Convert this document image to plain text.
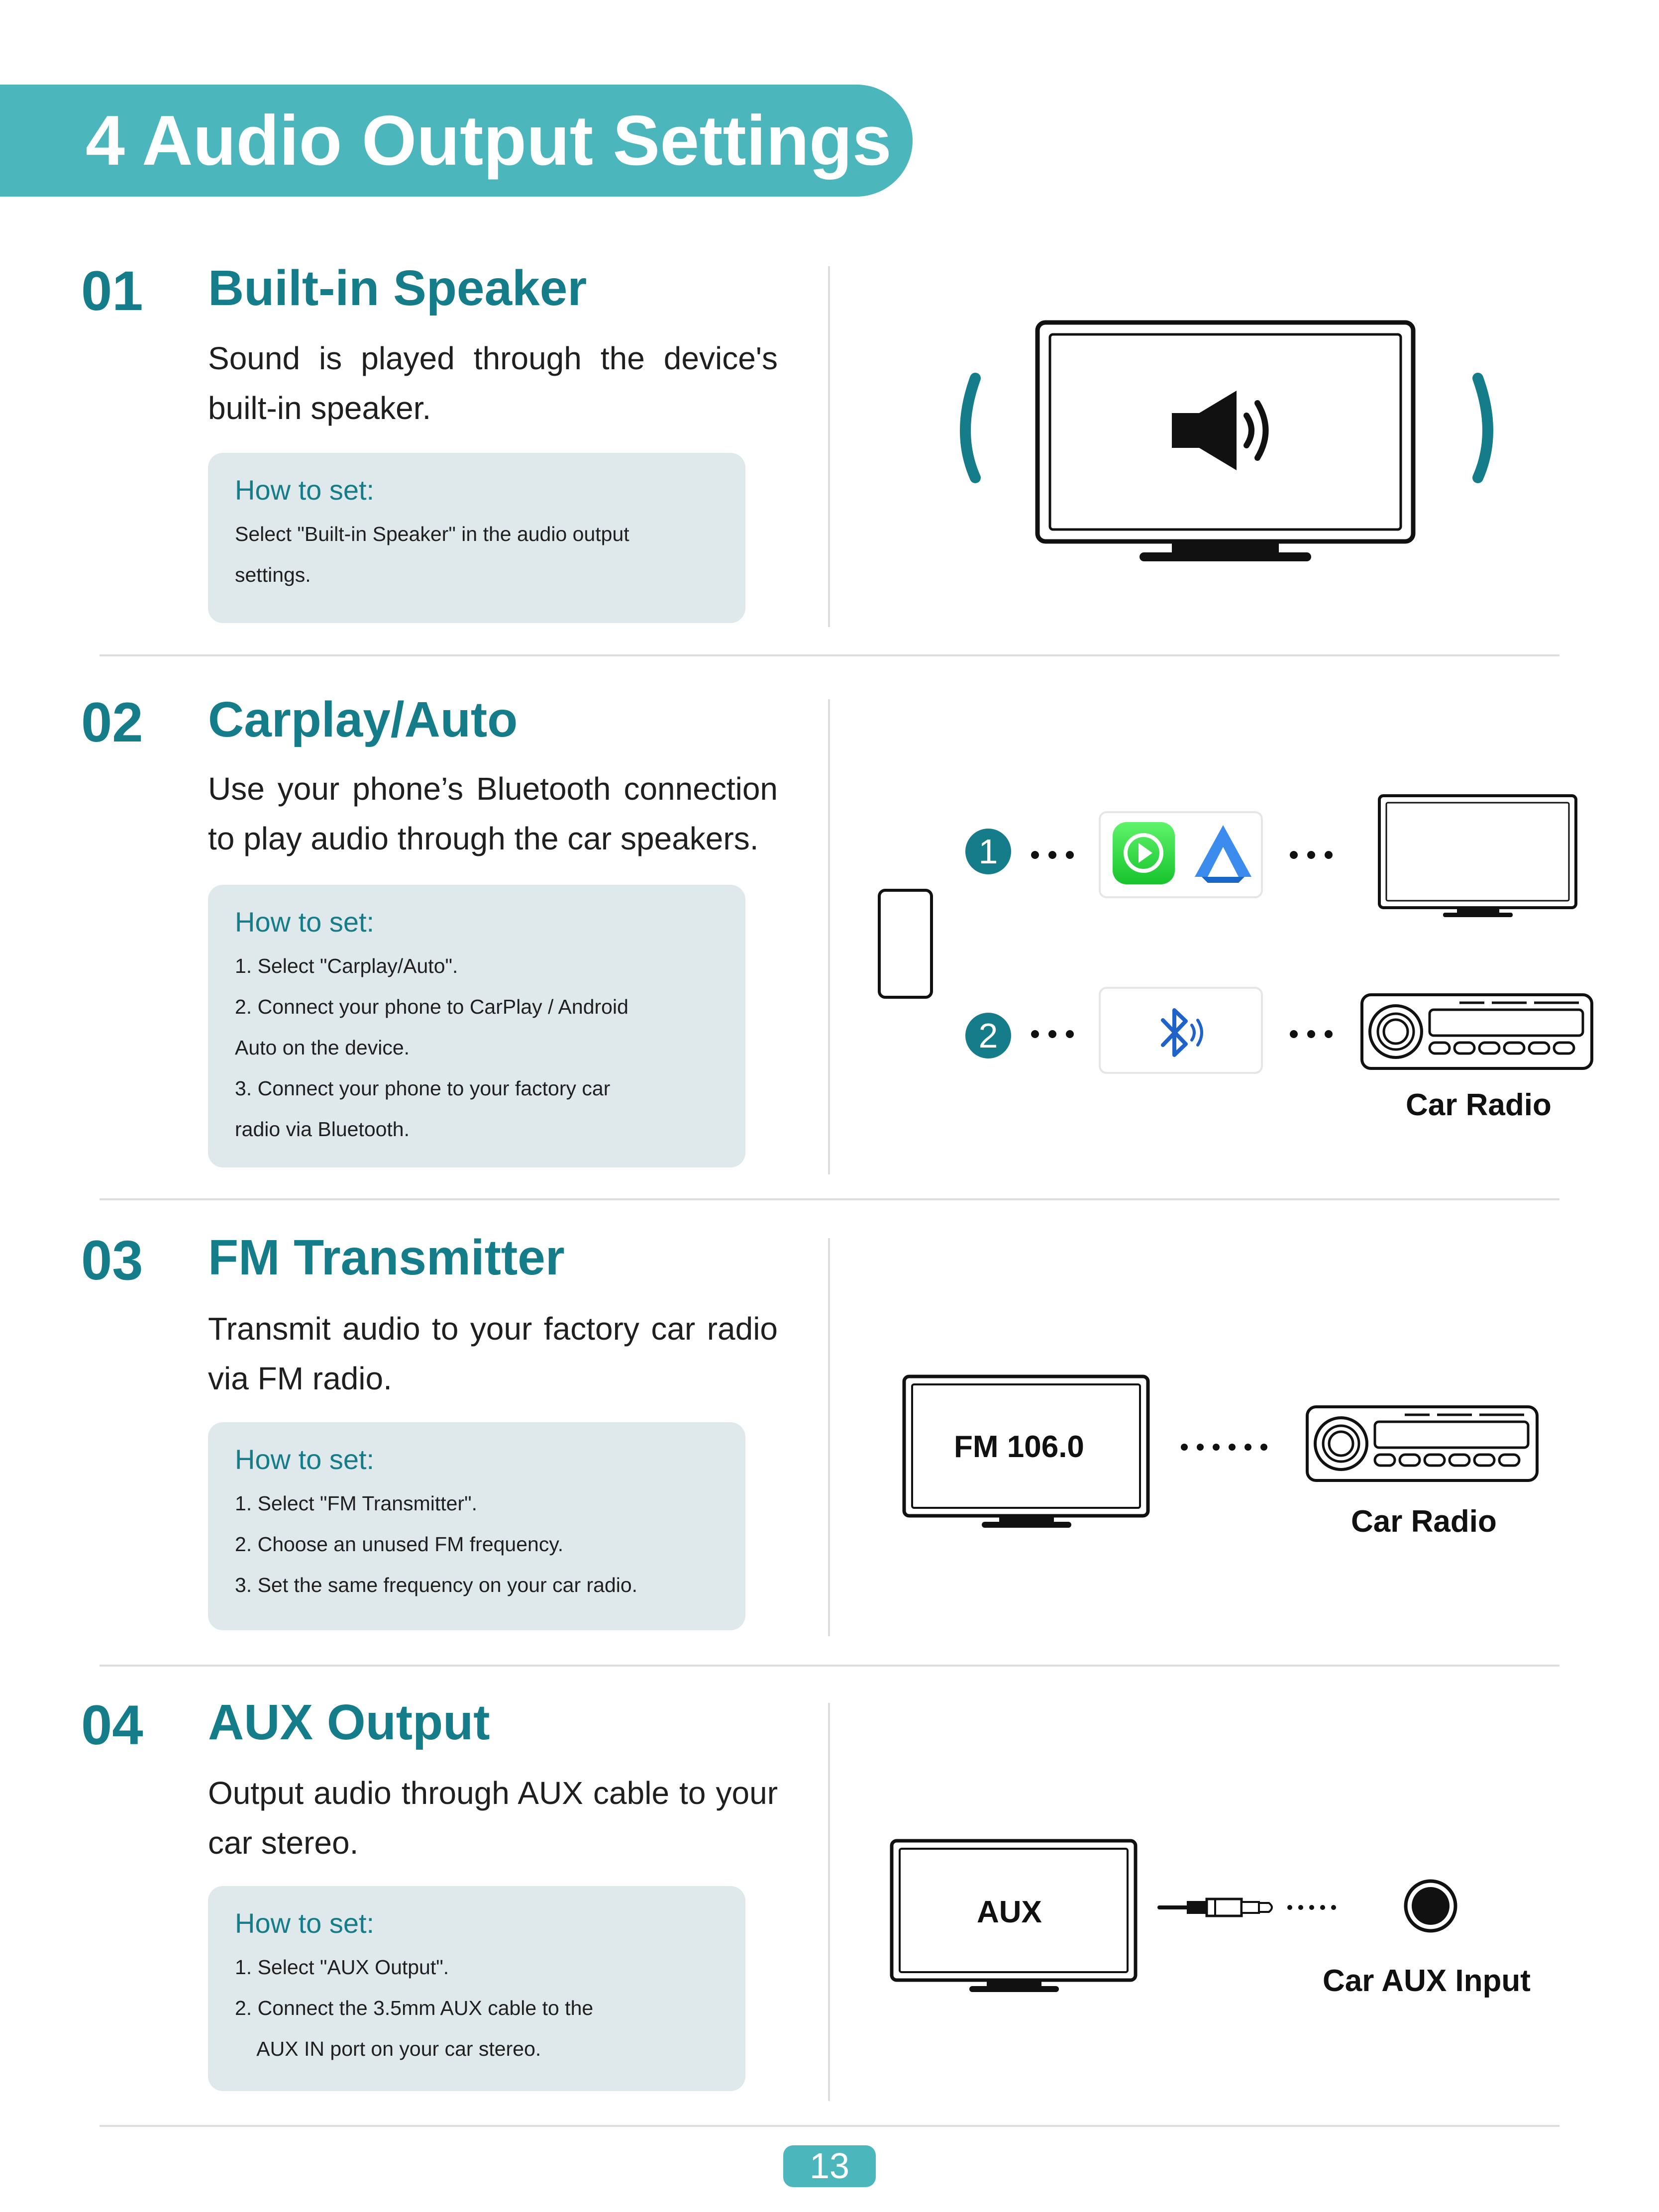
4 Audio Output Settings
01 Built-in Speaker
Sound is played through the device's built-in speaker.
How to set:
Select "Built-in Speaker" in the audio output
settings.
02 Carplay/Auto
Use your phone’s Bluetooth connection to play audio through the car speakers.
How to set:
1. Select "Carplay/Auto".
2. Connect your phone to CarPlay / Android
Auto on the device.
3. Connect your phone to your factory car
radio via Bluetooth.
1
2
Car Radio
03 FM Transmitter
Transmit audio to your factory car radio via FM radio.
How to set:
1. Select "FM Transmitter".
2. Choose an unused FM frequency.
3. Set the same frequency on your car radio.
FM 106.0
Car Radio
04 AUX Output
Output audio through AUX cable to your car stereo.
How to set:
1. Select "AUX Output".
2. Connect the 3.5mm AUX cable to the
AUX IN port on your car stereo.
AUX
Car AUX Input
13
